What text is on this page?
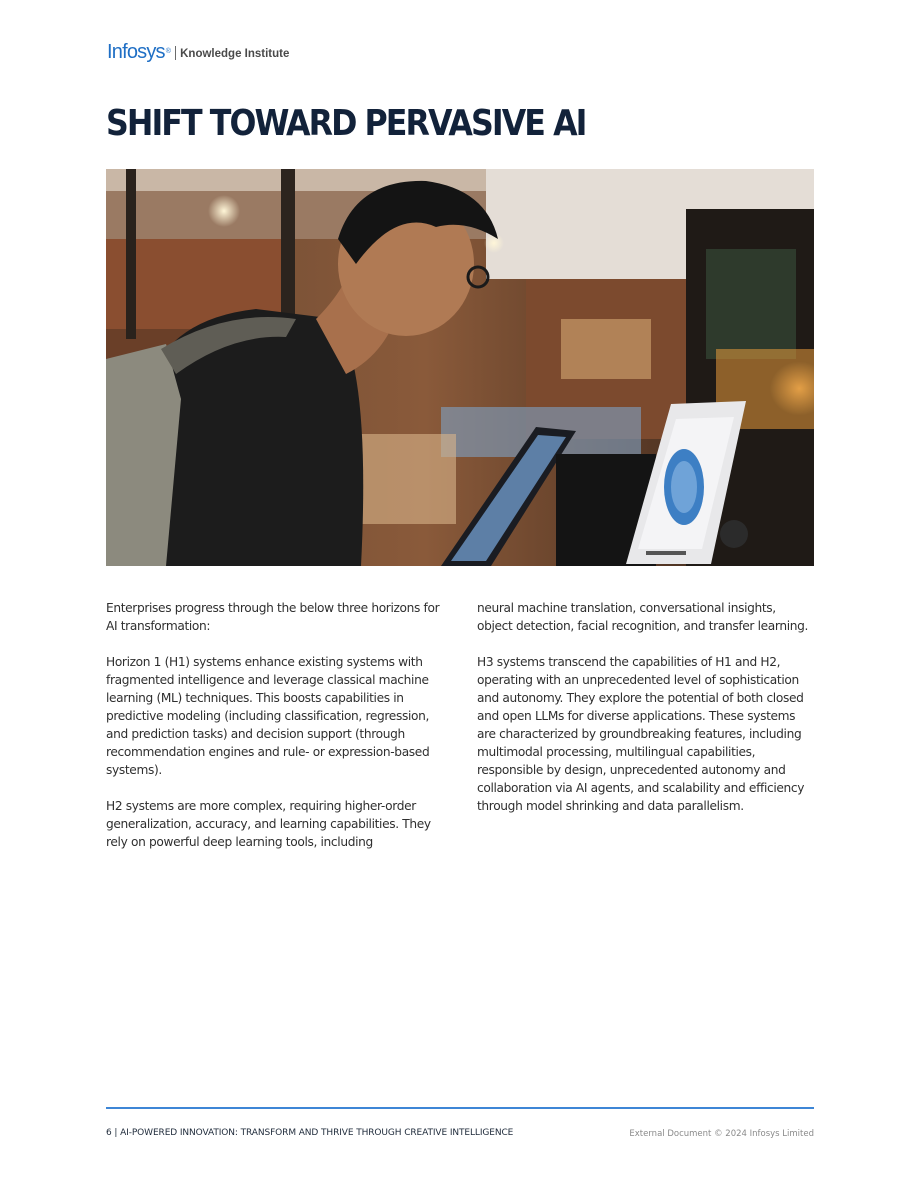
Infosys® Knowledge Institute
SHIFT TOWARD PERVASIVE AI

Enterprises progress through the below three horizons for AI transformation:

Horizon 1 (H1) systems enhance existing systems with fragmented intelligence and leverage classical machine learning (ML) techniques. This boosts capabilities in predictive modeling (including classification, regression, and prediction tasks) and decision support (through recommendation engines and rule- or expression-based systems).

H2 systems are more complex, requiring higher-order generalization, accuracy, and learning capabilities. They rely on powerful deep learning tools, including

neural machine translation, conversational insights, object detection, facial recognition, and transfer learning.

H3 systems transcend the capabilities of H1 and H2, operating with an unprecedented level of sophistication and autonomy. They explore the potential of both closed and open LLMs for diverse applications. These systems are characterized by groundbreaking features, including multimodal processing, multilingual capabilities, responsible by design, unprecedented autonomy and collaboration via AI agents, and scalability and efficiency through model shrinking and data parallelism.

6 | AI-POWERED INNOVATION: TRANSFORM AND THRIVE THROUGH CREATIVE INTELLIGENCE	External Document © 2024 Infosys Limited
